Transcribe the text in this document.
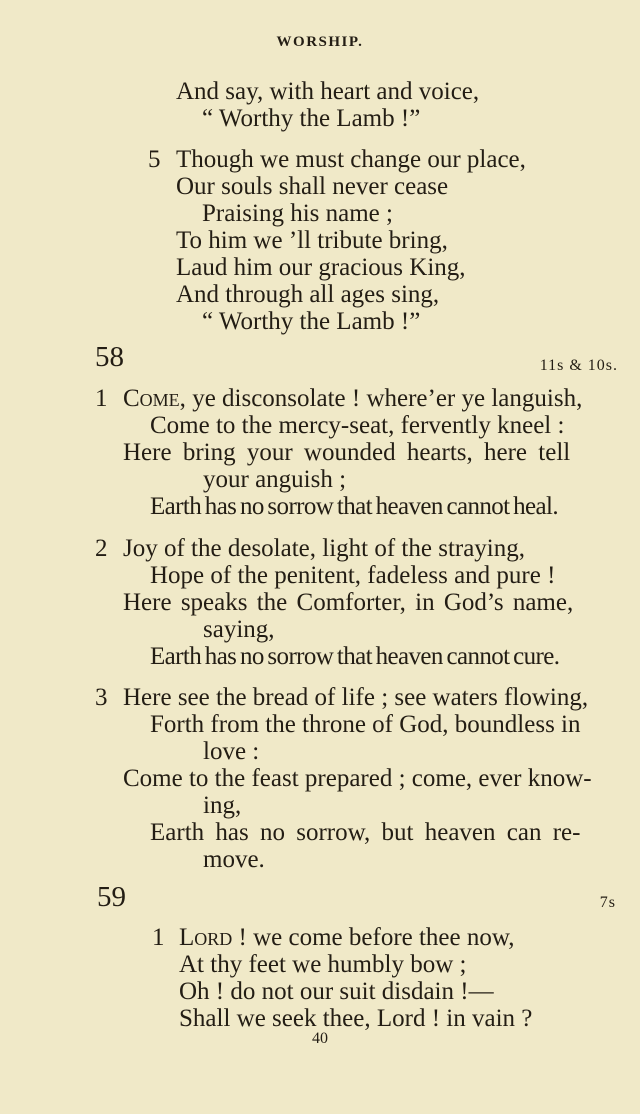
WORSHIP.
And say, with heart and voice,
“ Worthy the Lamb !”
5 Though we must change our place,
Our souls shall never cease
Praising his name ;
To him we ’ll tribute bring,
Laud him our gracious King,
And through all ages sing,
“ Worthy the Lamb !”
58	11s & 10s.
1 Come, ye disconsolate ! where’er ye languish,
Come to the mercy-seat, fervently kneel :
Here bring your wounded hearts, here tell
your anguish ;
Earth has no sorrow that heaven cannot heal.
2 Joy of the desolate, light of the straying,
Hope of the penitent, fadeless and pure !
Here speaks the Comforter, in God’s name,
saying,
Earth has no sorrow that heaven cannot cure.
3 Here see the bread of life ; see waters flowing,
Forth from the throne of God, boundless in
love :
Come to the feast prepared ; come, ever know-
ing,
Earth has no sorrow, but heaven can re-
move.
59	7s
1 Lord ! we come before thee now,
At thy feet we humbly bow ;
Oh ! do not our suit disdain !—
Shall we seek thee, Lord ! in vain ?
40
